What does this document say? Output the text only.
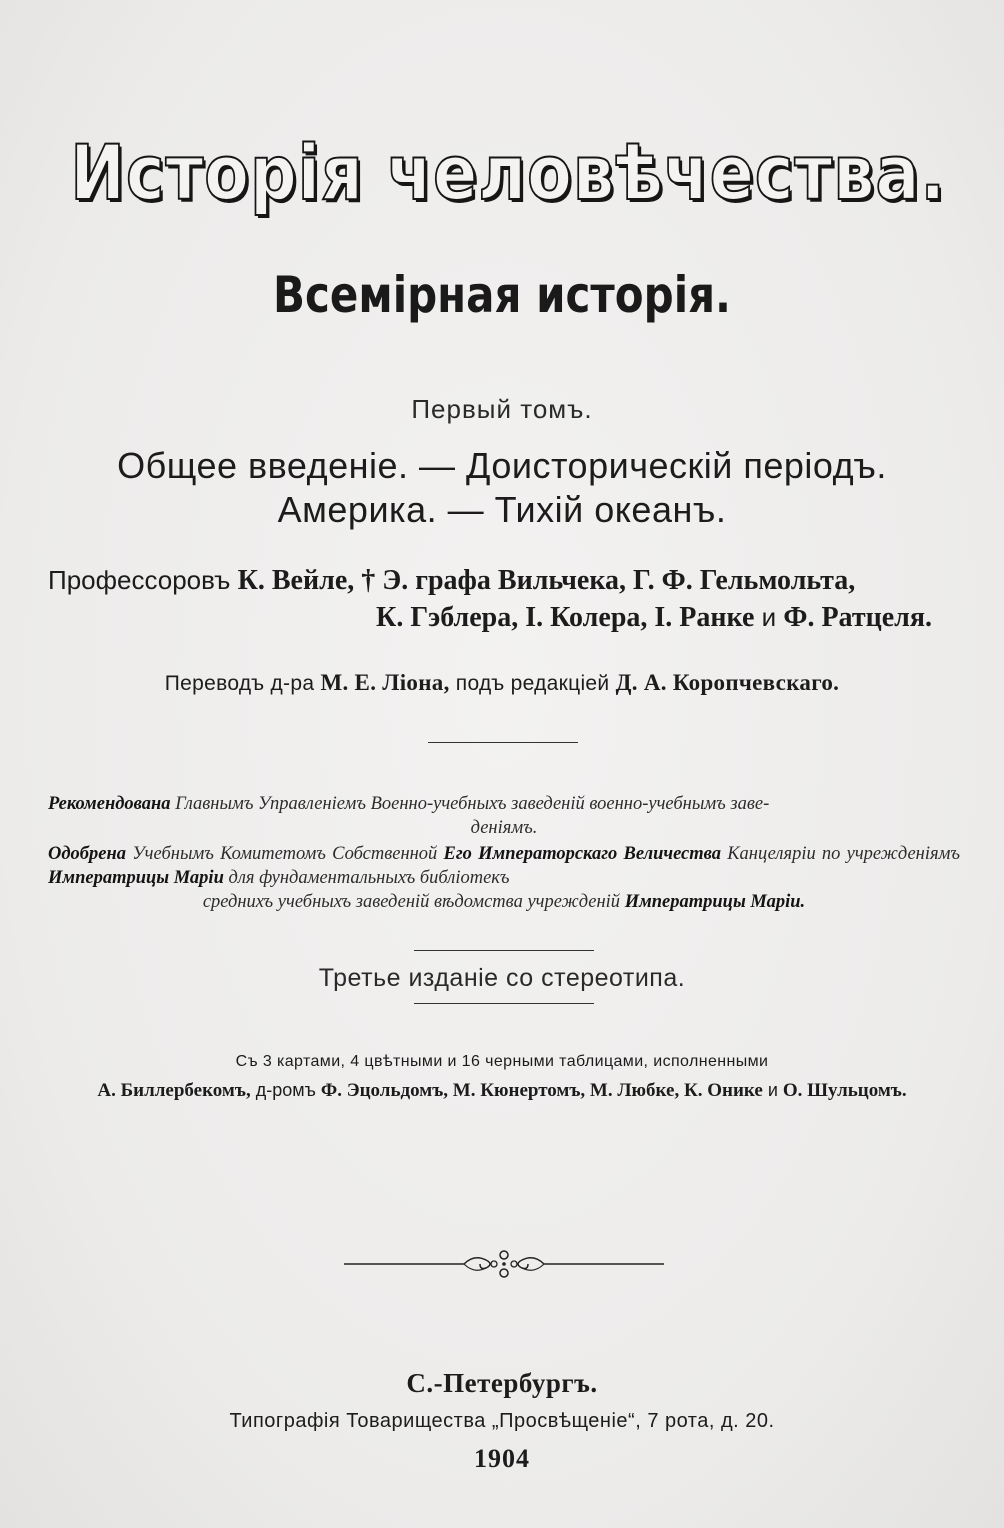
Исторія человѣчества.
Всемірная исторія.
Первый томъ.
Общее введеніе. — Доисторическій періодъ.
Америка. — Тихій океанъ.
Профессоровъ К. Вейле, † Э. графа Вильчека, Г. Ф. Гельмольта,
К. Гэблера, І. Колера, І. Ранке и Ф. Ратцеля.
Переводъ д-ра М. Е. Ліона, подъ редакціей Д. А. Коропчевскаго.

Рекомендована Главнымъ Управленіемъ Военно-учебныхъ заведеній военно-учебнымъ заве-
деніямъ.

Одобрена Учебнымъ Комитетомъ Собственной Его Императорскаго Величества Канцеляріи по учрежденіямъ Императрицы Маріи для фундаментальныхъ библіотекъ
среднихъ учебныхъ заведеній вѣдомства учрежденій Императрицы Маріи.

Третье изданіе со стереотипа.
Съ 3 картами, 4 цвѣтными и 16 черными таблицами, исполненными
А. Биллербекомъ, д-ромъ Ф. Эцольдомъ, М. Кюнертомъ, М. Любке, К. Онике и О. Шульцомъ.
С.-Петербургъ.
Типографія Товарищества „Просвѣщеніе“, 7 рота, д. 20.
1904
